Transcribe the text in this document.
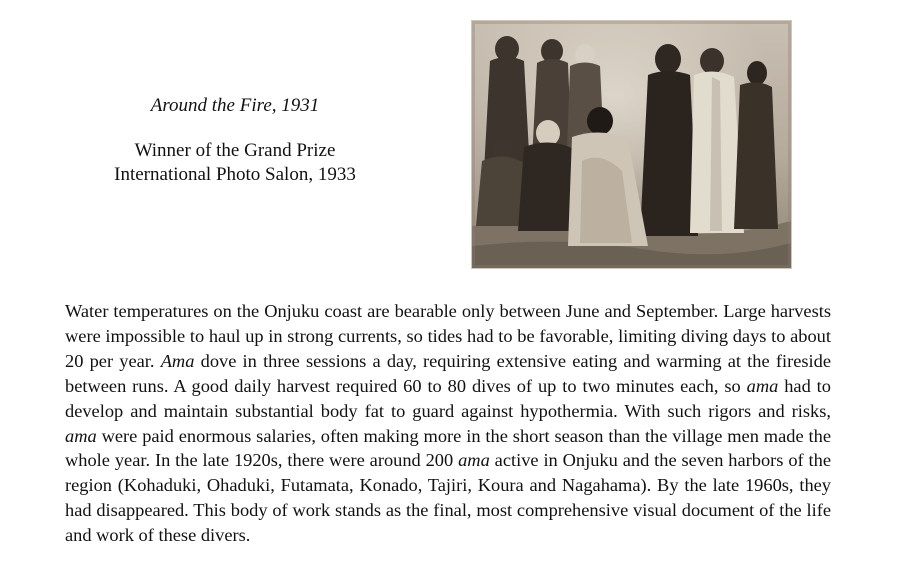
Around the Fire, 1931

Winner of the Grand Prize

International Photo Salon, 1933

Water temperatures on the Onjuku coast are bearable only between June and September. Large harvests were impossible to haul up in strong currents, so tides had to be favorable, limiting diving days to about 20 per year. Ama dove in three sessions a day, requiring extensive eating and warming at the fireside between runs. A good daily harvest required 60 to 80 dives of up to two minutes each, so ama had to develop and maintain substantial body fat to guard against hypothermia. With such rigors and risks, ama were paid enormous salaries, often making more in the short season than the village men made the whole year. In the late 1920s, there were around 200 ama active in Onjuku and the seven harbors of the region (Kohaduki, Ohaduki, Futamata, Konado, Tajiri, Koura and Nagahama). By the late 1960s, they had disappeared. This body of work stands as the final, most comprehensive visual document of the life and work of these divers.
